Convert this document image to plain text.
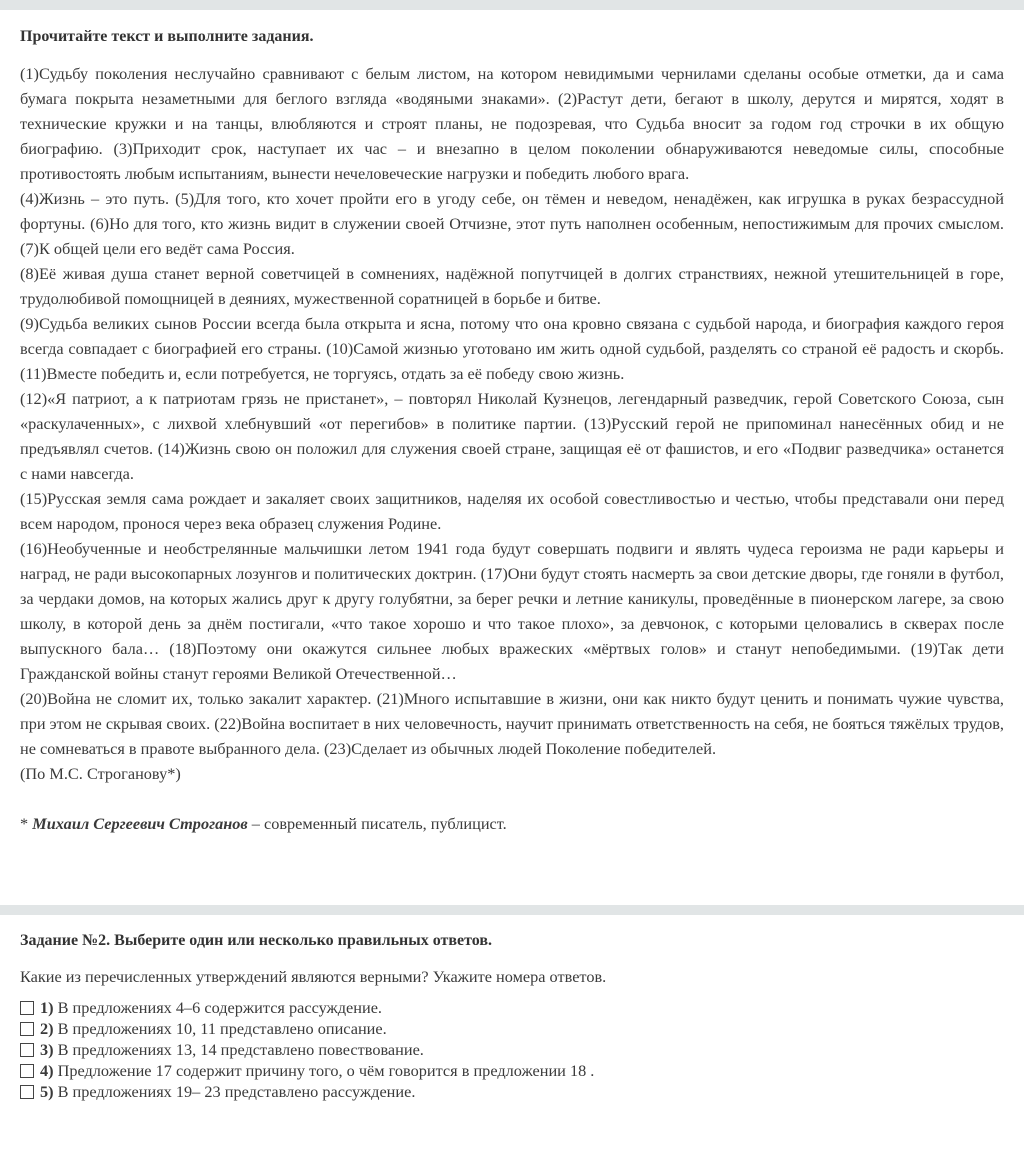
Прочитайте текст и выполните задания.

(1)Судьбу поколения неслучайно сравнивают с белым листом, на котором невидимыми чернилами сделаны особые отметки, да и сама бумага покрыта незаметными для беглого взгляда «водяными знаками». (2)Растут дети, бегают в школу, дерутся и мирятся, ходят в технические кружки и на танцы, влюбляются и строят планы, не подозревая, что Судьба вносит за годом год строчки в их общую биографию. (3)Приходит срок, наступает их час – и внезапно в целом поколении обнаруживаются неведомые силы, способные противостоять любым испытаниям, вынести нечеловеческие нагрузки и победить любого врага.

(4)Жизнь – это путь. (5)Для того, кто хочет пройти его в угоду себе, он тёмен и неведом, ненадёжен, как игрушка в руках безрассудной фортуны. (6)Но для того, кто жизнь видит в служении своей Отчизне, этот путь наполнен особенным, непостижимым для прочих смыслом. (7)К общей цели его ведёт сама Россия.

(8)Её живая душа станет верной советчицей в сомнениях, надёжной попутчицей в долгих странствиях, нежной утешительницей в горе, трудолюбивой помощницей в деяниях, мужественной соратницей в борьбе и битве.

(9)Судьба великих сынов России всегда была открыта и ясна, потому что она кровно связана с судьбой народа, и биография каждого героя всегда совпадает с биографией его страны. (10)Самой жизнью уготовано им жить одной судьбой, разделять со страной её радость и скорбь. (11)Вместе победить и, если потребуется, не торгуясь, отдать за её победу свою жизнь.

(12)«Я патриот, а к патриотам грязь не пристанет», – повторял Николай Кузнецов, легендарный разведчик, герой Советского Союза, сын «раскулаченных», с лихвой хлебнувший «от перегибов» в политике партии. (13)Русский герой не припоминал нанесённых обид и не предъявлял счетов. (14)Жизнь свою он положил для служения своей стране, защищая её от фашистов, и его «Подвиг разведчика» останется с нами навсегда.

(15)Русская земля сама рождает и закаляет своих защитников, наделяя их особой совестливостью и честью, чтобы представали они перед всем народом, пронося через века образец служения Родине.

(16)Необученные и необстрелянные мальчишки летом 1941 года будут совершать подвиги и являть чудеса героизма не ради карьеры и наград, не ради высокопарных лозунгов и политических доктрин. (17)Они будут стоять насмерть за свои детские дворы, где гоняли в футбол, за чердаки домов, на которых жались друг к другу голубятни, за берег речки и летние каникулы, проведённые в пионерском лагере, за свою школу, в которой день за днём постигали, «что такое хорошо и что такое плохо», за девчонок, с которыми целовались в скверах после выпускного бала… (18)Поэтому они окажутся сильнее любых вражеских «мёртвых голов» и станут непобедимыми. (19)Так дети Гражданской войны станут героями Великой Отечественной…

(20)Война не сломит их, только закалит характер. (21)Много испытавшие в жизни, они как никто будут ценить и понимать чужие чувства, при этом не скрывая своих. (22)Война воспитает в них человечность, научит принимать ответственность на себя, не бояться тяжёлых трудов, не сомневаться в правоте выбранного дела. (23)Сделает из обычных людей Поколение победителей.

(По М.С. Строганову*)

* Михаил Сергеевич Строганов – современный писатель, публицист.

Задание №2. Выберите один или несколько правильных ответов.

Какие из перечисленных утверждений являются верными? Укажите номера ответов.

1) В предложениях 4–6 содержится рассуждение.
2) В предложениях 10, 11 представлено описание.
3) В предложениях 13, 14 представлено повествование.
4) Предложение 17 содержит причину того, о чём говорится в предложении 18 .
5) В предложениях 19– 23 представлено рассуждение.
